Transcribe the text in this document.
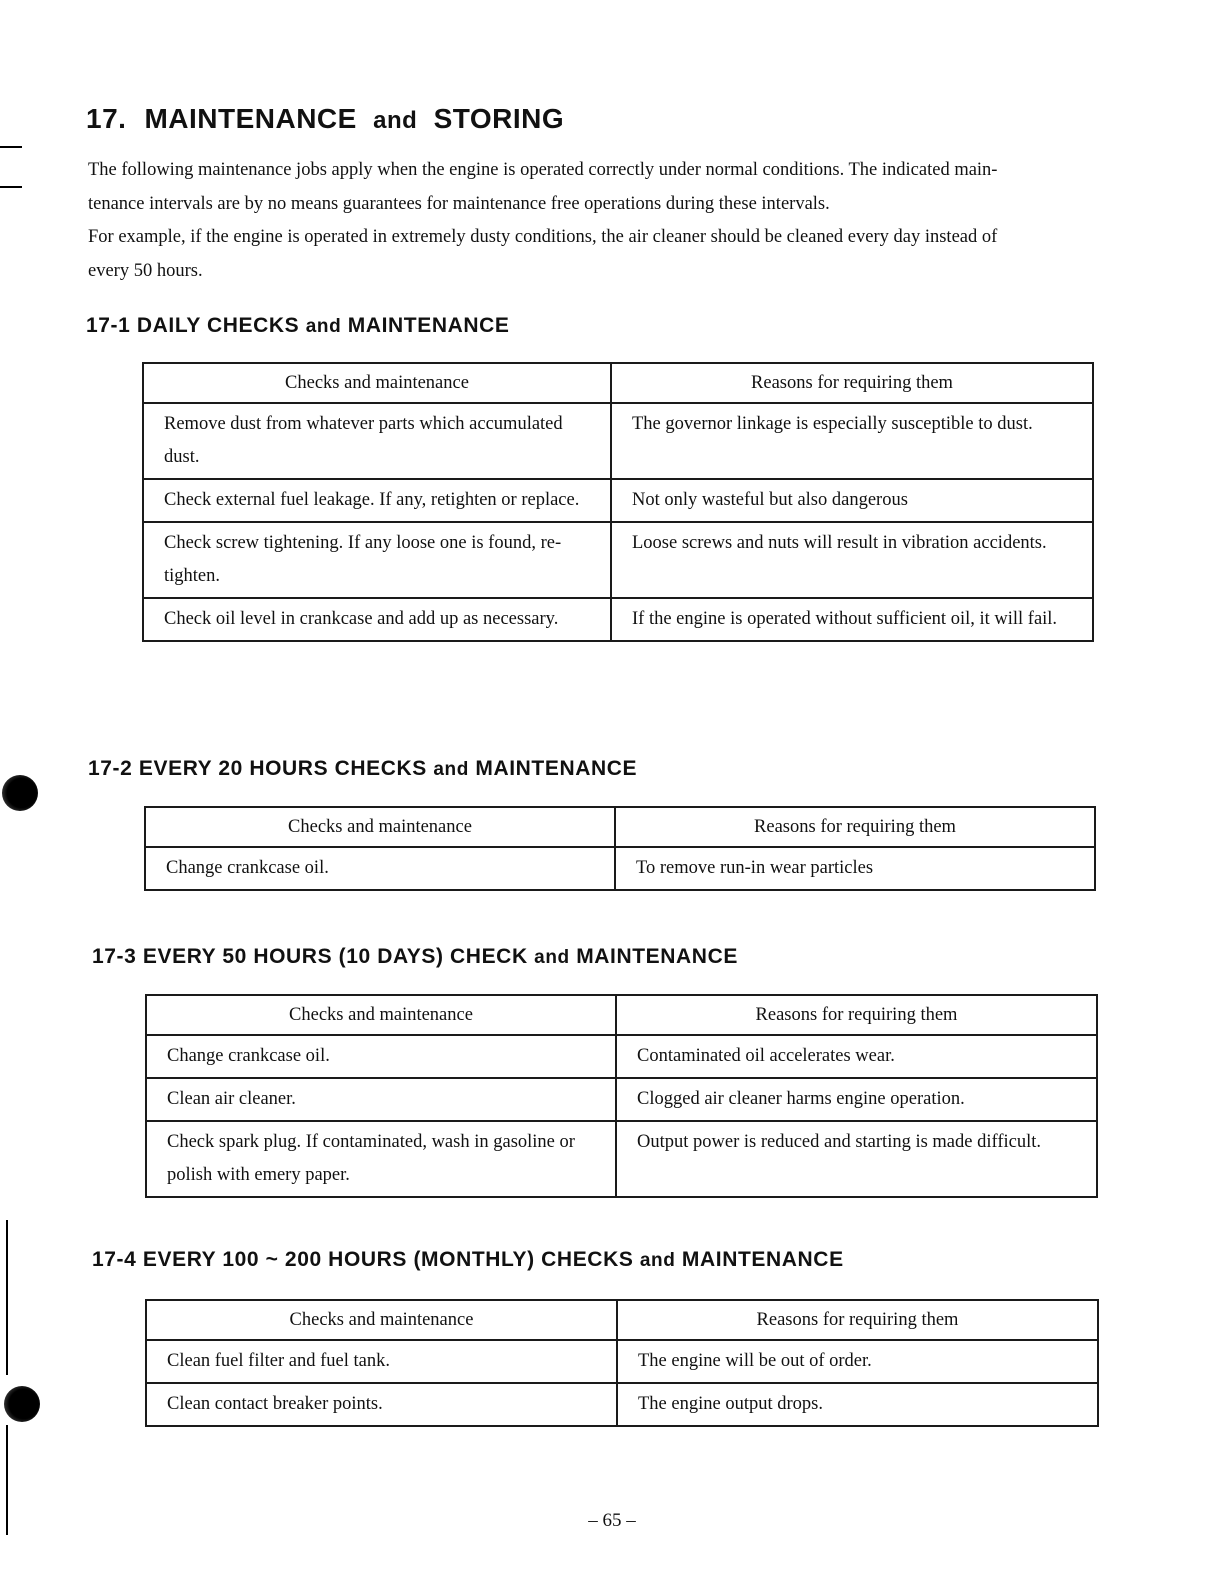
17. MAINTENANCE and STORING

The following maintenance jobs apply when the engine is operated correctly under normal conditions. The indicated main-

tenance intervals are by no means guarantees for maintenance free operations during these intervals.

For example, if the engine is operated in extremely dusty conditions, the air cleaner should be cleaned every day instead of

every 50 hours.

17-1 DAILY CHECKS and MAINTENANCE
Checks and maintenance	Reasons for requiring them
Remove dust from whatever parts which accumulated dust.	The governor linkage is especially susceptible to dust.
Check external fuel leakage. If any, retighten or replace.	Not only wasteful but also dangerous
Check screw tightening. If any loose one is found, re-tighten.	Loose screws and nuts will result in vibration accidents.
Check oil level in crankcase and add up as necessary.	If the engine is operated without sufficient oil, it will fail.
17-2 EVERY 20 HOURS CHECKS and MAINTENANCE
Checks and maintenance	Reasons for requiring them
Change crankcase oil.	To remove run-in wear particles
17-3 EVERY 50 HOURS (10 DAYS) CHECK and MAINTENANCE
Checks and maintenance	Reasons for requiring them
Change crankcase oil.	Contaminated oil accelerates wear.
Clean air cleaner.	Clogged air cleaner harms engine operation.
Check spark plug. If contaminated, wash in gasoline or polish with emery paper.	Output power is reduced and starting is made difficult.
17-4 EVERY 100 ~ 200 HOURS (MONTHLY) CHECKS and MAINTENANCE
Checks and maintenance	Reasons for requiring them
Clean fuel filter and fuel tank.	The engine will be out of order.
Clean contact breaker points.	The engine output drops.
– 65 –
